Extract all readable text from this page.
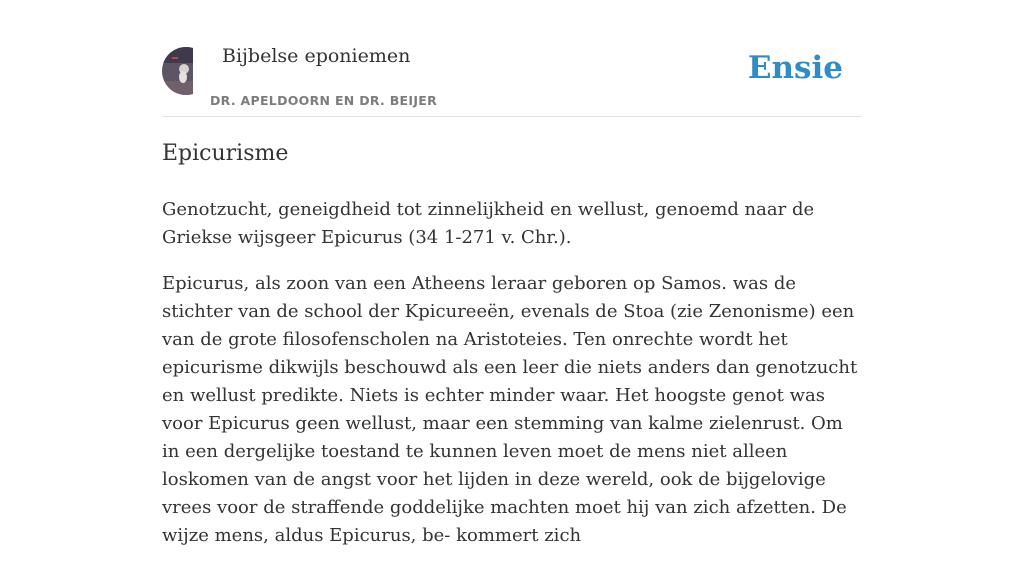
Bijbelse eponiemen
DR. APELDOORN EN DR. BEIJER
Ensie
Epicurisme

Genotzucht, geneigdheid tot zinnelijkheid en wellust, genoemd naar de Griekse wijsgeer Epicurus (34 1-271 v. Chr.).

Epicurus, als zoon van een Atheens leraar geboren op Samos. was de stichter van de school der Kpicureeën, evenals de Stoa (zie Zenonisme) een van de grote filosofenscholen na Aristoteies. Ten onrechte wordt het epicurisme dikwijls beschouwd als een leer die niets anders dan genotzucht en wellust predikte. Niets is echter minder waar. Het hoogste genot was voor Epicurus geen wellust, maar een stemming van kalme zielenrust. Om in een dergelijke toestand te kunnen leven moet de mens niet alleen loskomen van de angst voor het lijden in deze wereld, ook de bijgelovige vrees voor de straffende goddelijke machten moet hij van zich afzetten. De wijze mens, aldus Epicurus, be- kommert zich
